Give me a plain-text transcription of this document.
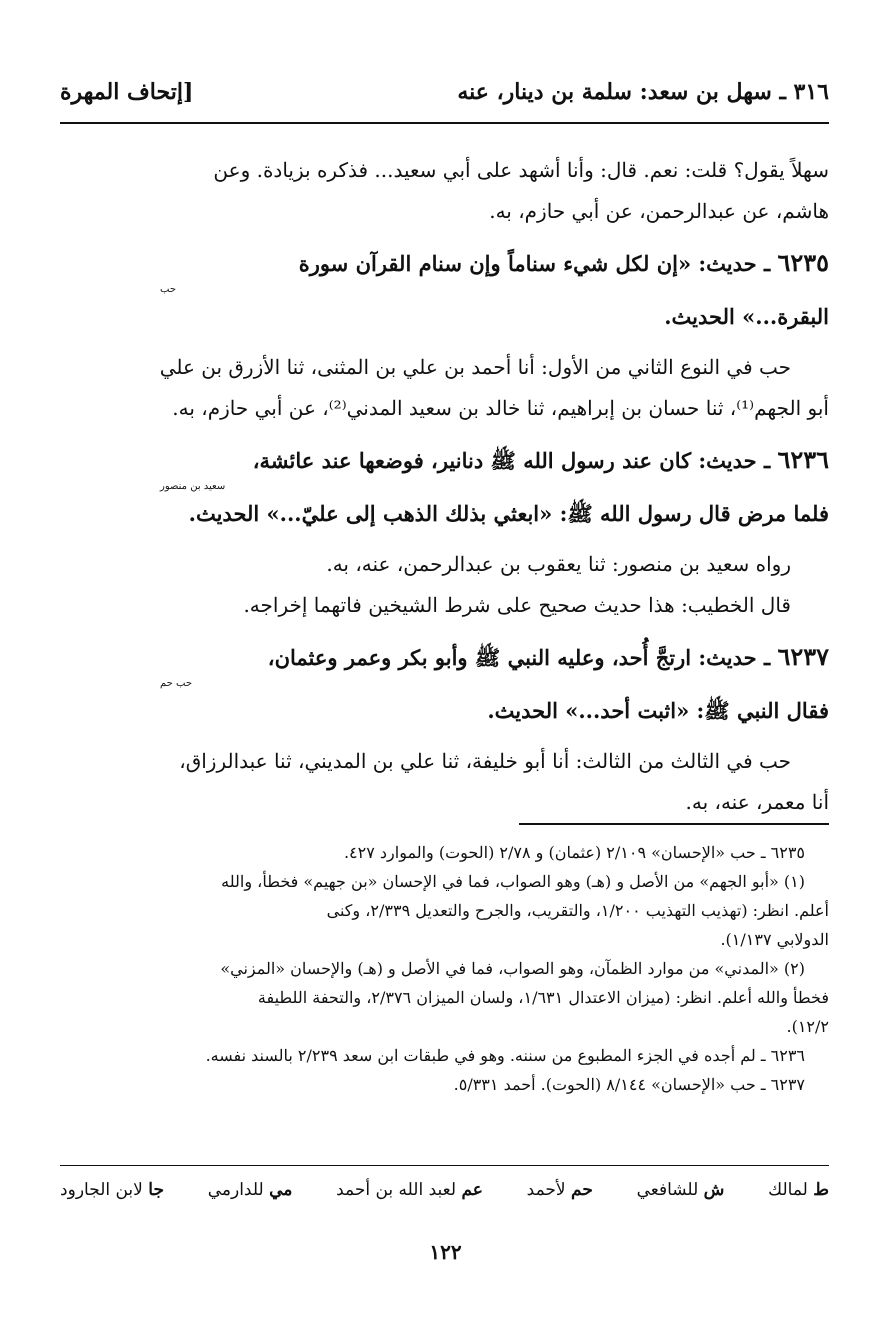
٣١٦ ـ سهل بن سعد: سلمة بن دينار، عنه
[إتحاف المهرة

سهلاً يقول؟ قلت: نعم. قال: وأنا أشهد على أبي سعيد... فذكره بزيادة. وعن

هاشم، عن عبدالرحمن، عن أبي حازم، به.

٦٢٣٥ ـ حديث: «إن لكل شيء سناماً وإن سنام القرآن سورة

حب

البقرة...» الحديث.

حب في النوع الثاني من الأول: أنا أحمد بن علي بن المثنى، ثنا الأزرق بن علي

أبو الجهم⁽¹⁾، ثنا حسان بن إبراهيم، ثنا خالد بن سعيد المدني⁽²⁾، عن أبي حازم، به.

٦٢٣٦ ـ حديث: كان عند رسول الله ﷺ دنانير، فوضعها عند عائشة،

سعيد بن منصور

فلما مرض قال رسول الله ﷺ: «ابعثي بذلك الذهب إلى عليّ...» الحديث.

رواه سعيد بن منصور: ثنا يعقوب بن عبدالرحمن، عنه، به.

قال الخطيب: هذا حديث صحيح على شرط الشيخين فاتهما إخراجه.

٦٢٣٧ ـ حديث: ارتجَّ أُحد، وعليه النبي ﷺ وأبو بكر وعمر وعثمان،

حب حم

فقال النبي ﷺ: «اثبت أحد...» الحديث.

حب في الثالث من الثالث: أنا أبو خليفة، ثنا علي بن المديني، ثنا عبدالرزاق،

أنا معمر، عنه، به.

٦٢٣٥ ـ حب «الإحسان» ٢/١٠٩ (عثمان) و ٢/٧٨ (الحوت) والموارد ٤٢٧.

(١) «أبو الجهم» من الأصل و (هـ) وهو الصواب، فما في الإحسان «بن جهيم» فخطأ، والله

أعلم. انظر: (تهذيب التهذيب ١/٢٠٠، والتقريب، والجرح والتعديل ٢/٣٣٩، وكنى

الدولابي ١/١٣٧).

(٢) «المدني» من موارد الظمآن، وهو الصواب، فما في الأصل و (هـ) والإحسان «المزني»

فخطأ والله أعلم. انظر: (ميزان الاعتدال ١/٦٣١، ولسان الميزان ٢/٣٧٦، والتحفة اللطيفة

١٢/٢).

٦٢٣٦ ـ لم أجده في الجزء المطبوع من سننه. وهو في طبقات ابن سعد ٢/٢٣٩ بالسند نفسه.

٦٢٣٧ ـ حب «الإحسان» ٨/١٤٤ (الحوت). أحمد ٥/٣٣١.

ط لمالك
ش للشافعي
حم لأحمد
عم لعبد الله بن أحمد
مي للدارمي
جا لابن الجارود
١٢٢
